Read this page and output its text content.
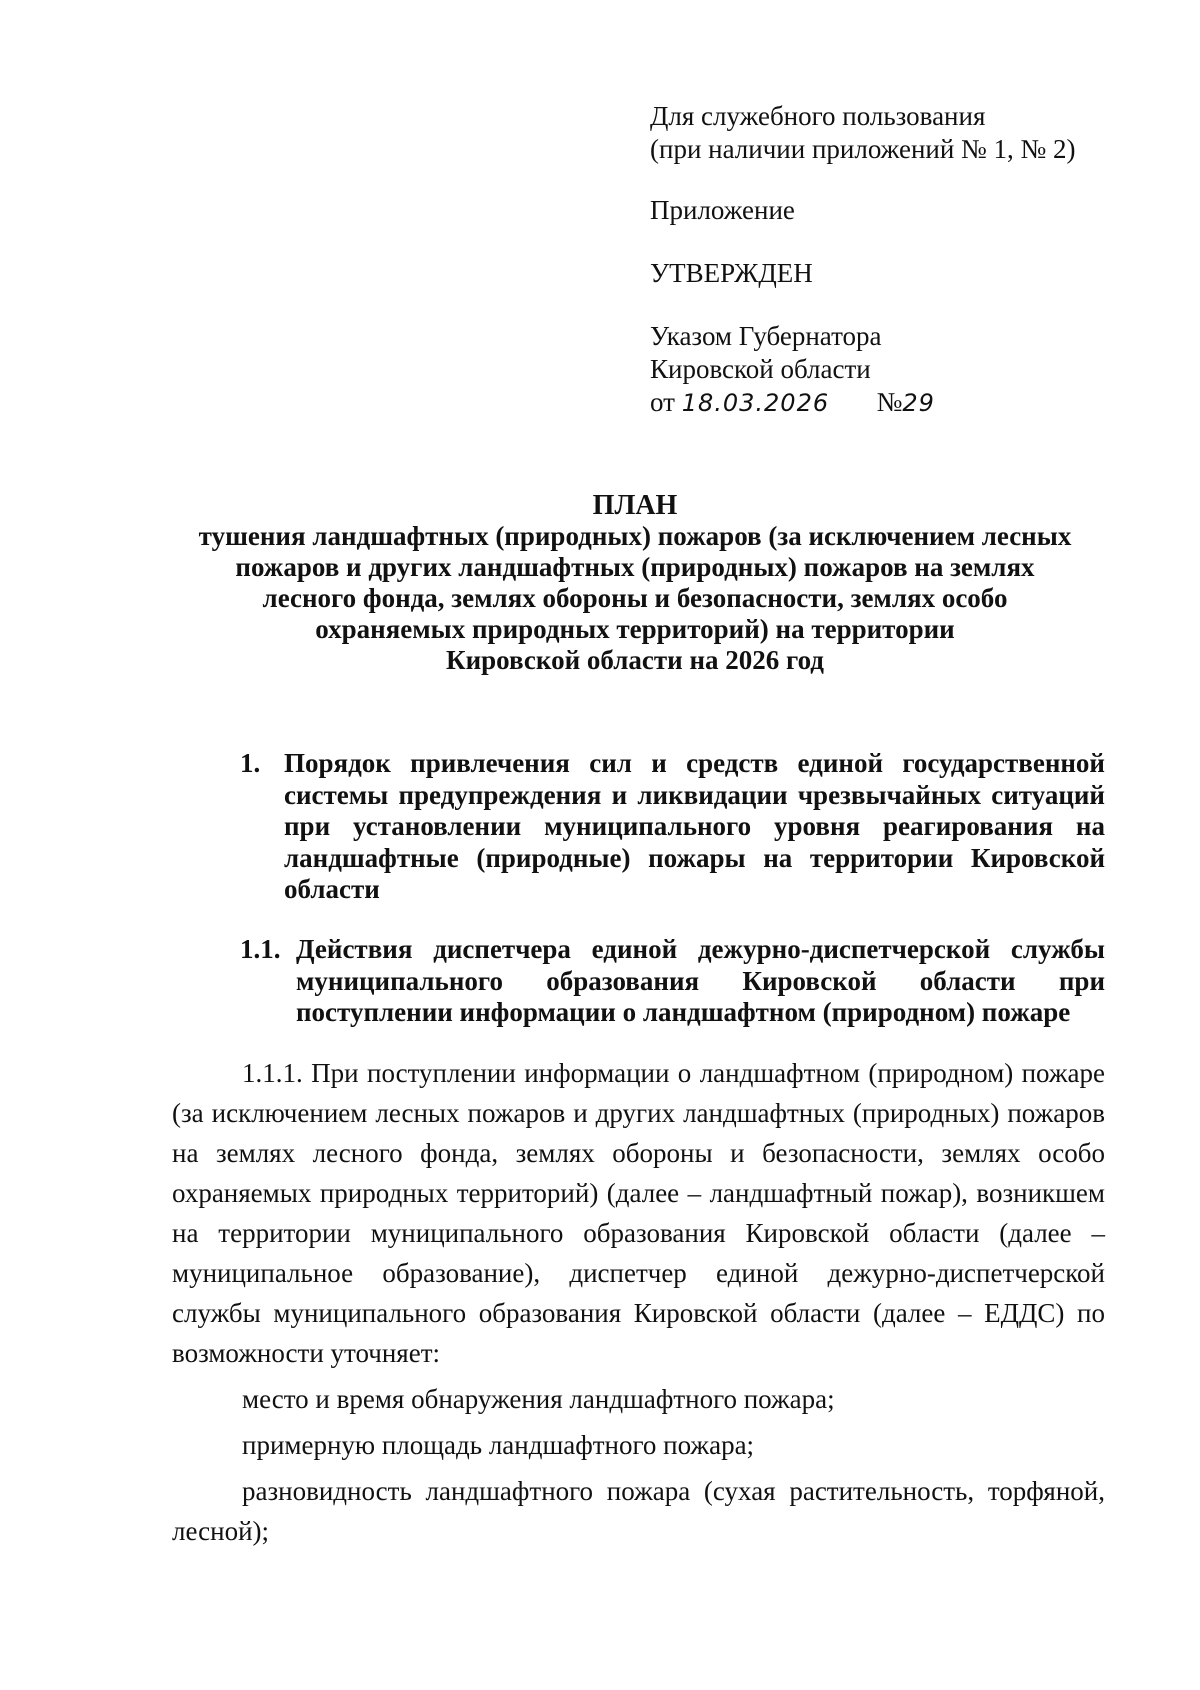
Для служебного пользования

(при наличии приложений № 1, № 2)

Приложение

УТВЕРЖДЕН

Указом Губернатора

Кировской области

от 18.03.2026 №29

ПЛАН

тушения ландшафтных (природных) пожаров (за исключением лесных

пожаров и других ландшафтных (природных) пожаров на землях

лесного фонда, землях обороны и безопасности, землях особо

охраняемых природных территорий) на территории

Кировской области на 2026 год

1. Порядок привлечения сил и средств единой государственной системы предупреждения и ликвидации чрезвычайных ситуаций при установлении муниципального уровня реагирования на ландшафтные (природные) пожары на территории Кировской области
1.1. Действия диспетчера единой дежурно-диспетчерской службы муниципального образования Кировской области при поступлении информации о ландшафтном (природном) пожаре

1.1.1. При поступлении информации о ландшафтном (природном) пожаре (за исключением лесных пожаров и других ландшафтных (природных) пожаров на землях лесного фонда, землях обороны и безопасности, землях особо охраняемых природных территорий) (далее – ландшафтный пожар), возникшем на территории муниципального образования Кировской области (далее – муниципальное образование), диспетчер единой дежурно-диспетчерской службы муниципального образования Кировской области (далее – ЕДДС) по возможности уточняет:

место и время обнаружения ландшафтного пожара;

примерную площадь ландшафтного пожара;

разновидность ландшафтного пожара (сухая растительность, торфяной, лесной);
